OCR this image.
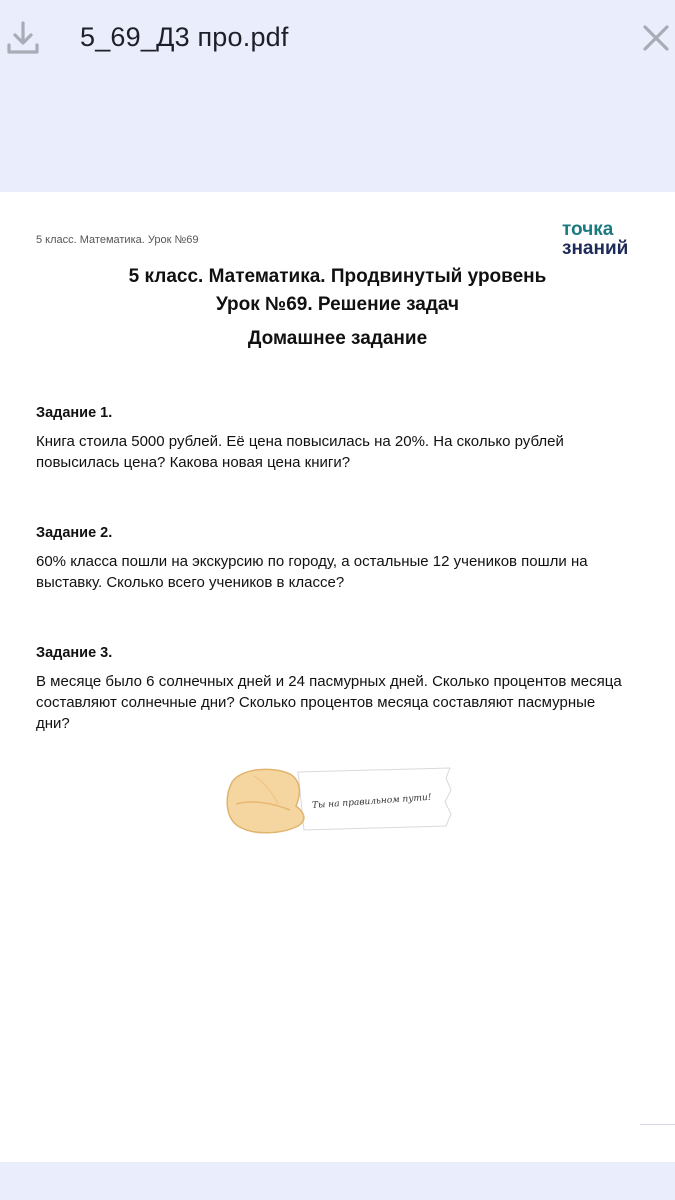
5_69_Д3 про.pdf
5 класс. Математика. Урок №69	точка
знаний
5 класс. Математика. Продвинутый уровень
Урок №69. Решение задач
Домашнее задание
Задание 1.
Книга стоила 5000 рублей. Её цена повысилась на 20%. На сколько рублей повысилась цена? Какова новая цена книги?
Задание 2.
60% класса пошли на экскурсию по городу, а остальные 12 учеников пошли на выставку. Сколько всего учеников в классе?
Задание 3.
В месяце было 6 солнечных дней и 24 пасмурных дней. Сколько процентов месяца составляют солнечные дни? Сколько процентов месяца составляют пасмурные дни?
Ты на правильном пути!
